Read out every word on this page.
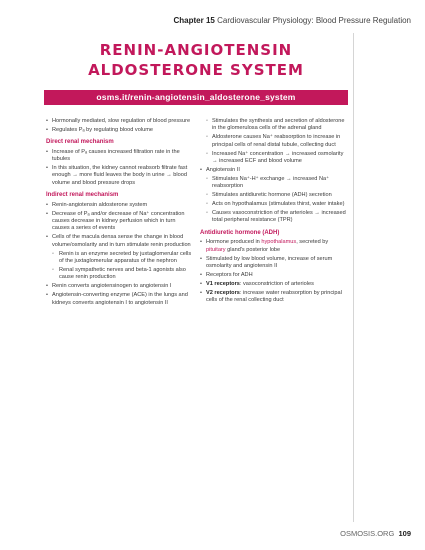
Chapter 15 Cardiovascular Physiology: Blood Pressure Regulation
RENIN-ANGIOTENSIN
ALDOSTERONE SYSTEM
osms.it/renin-angiotensin_aldosterone_system
• Hormonally mediated, slow regulation of blood pressure
• Regulates Pₐ by regulating blood volume
Direct renal mechanism
• Increase of Pₐ causes increased filtration rate in the tubules
• In this situation, the kidney cannot reabsorb filtrate fast enough → more fluid leaves the body in urine → blood volume and blood pressure drops
Indirect renal mechanism
• Renin-angiotensin aldosterone system
• Decrease of Pₐ and/or decrease of Na⁺ concentration causes decrease in kidney perfusion which in turn causes a series of events
• Cells of the macula densa sense the change in blood volume/osmolarity and in turn stimulate renin production
◦ Renin is an enzyme secreted by juxtaglomerular cells of the juxtaglomerular apparatus of the nephron
◦ Renal sympathetic nerves and beta-1 agonists also cause renin production
• Renin converts angiotensinogen to angiotensin I
• Angiotensin-converting enzyme (ACE) in the lungs and kidneys converts angiotensin I to angiotensin II
◦ Stimulates the synthesis and secretion of aldosterone in the glomerulosa cells of the adrenal gland
◦ Aldosterone causes Na⁺ reabsorption to increase in principal cells of renal distal tubule, collecting duct
◦ Increased Na⁺ concentration → increased osmolarity → increased ECF and blood volume
• Angiotensin II
◦ Stimulates Na⁺-H⁺ exchange → increased Na⁺ reabsorption
◦ Stimulates antidiuretic hormone (ADH) secretion
◦ Acts on hypothalamus (stimulates thirst, water intake)
◦ Causes vasoconstriction of the arterioles → increased total peripheral resistance (TPR)
Antidiuretic hormone (ADH)
• Hormone produced in hypothalamus, secreted by pituitary gland's posterior lobe
• Stimulated by low blood volume, increase of serum osmolarity and angiotensin II
• Receptors for ADH
• V1 receptors: vasoconstriction of arterioles
• V2 receptors: increase water reabsorption by principal cells of the renal collecting duct
OSMOSIS.ORG 109
